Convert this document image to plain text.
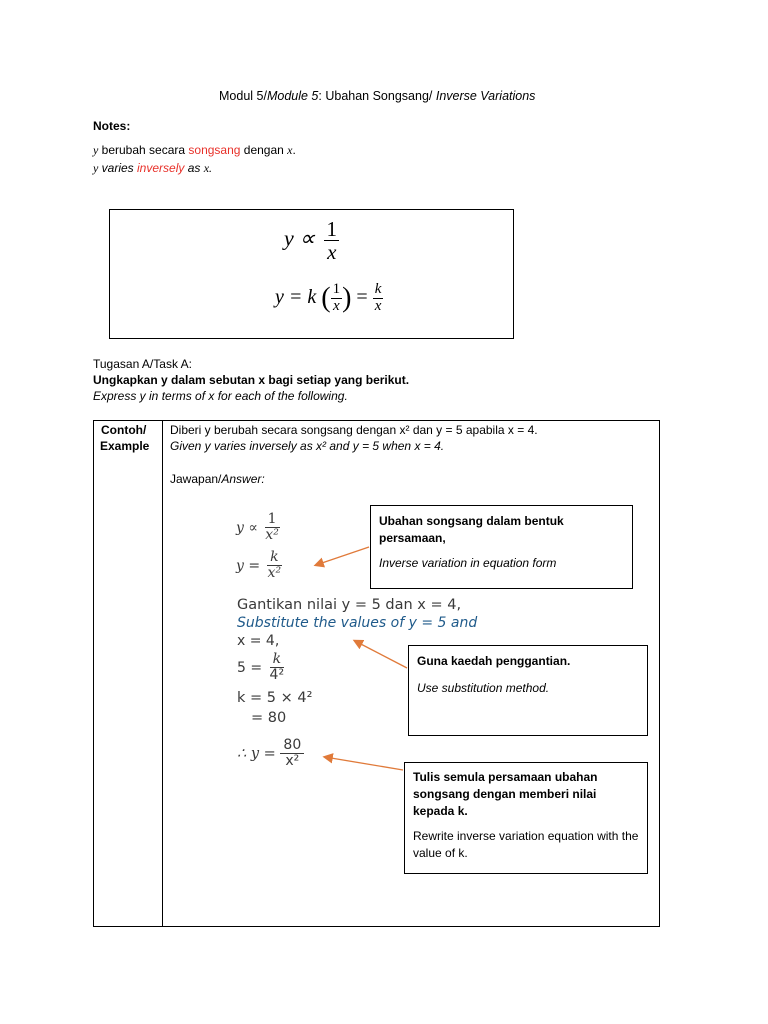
Modul 5/Module 5: Ubahan Songsang/ Inverse Variations
Notes:
y berubah secara songsang dengan x.
y varies inversely as x.
$y \propto \frac{1}{x}$
y = k ( $\frac{1}{x}$ ) = $\frac{k}{x}$
Tugasan A/Task A:
Ungkapkan y dalam sebutan x bagi setiap yang berikut.
Express y in terms of x for each of the following.
Contoh/
Example
Diberi y berubah secara songsang dengan x² dan y = 5 apabila x = 4.
Given y varies inversely as x² and y = 5 when x = 4.
Jawapan/Answer:
$y \propto \frac{1}{\text{x²}}$
$y = \frac{k}{\text{x²}}$
Gantikan nilai y = 5 dan x = 4,
Substitute the values of y = 5 and
x = 4,
$5 = \frac{k}{\text{4²}}$
k = 5 × 4²
= 80
∴ $y = \frac{80}{\text{x²}}$

Ubahan songsang dalam bentuk persamaan,

Inverse variation in equation form

Guna kaedah penggantian.

Use substitution method.

Tulis semula persamaan ubahan songsang dengan memberi nilai kepada k.

Rewrite inverse variation equation with the value of k.
